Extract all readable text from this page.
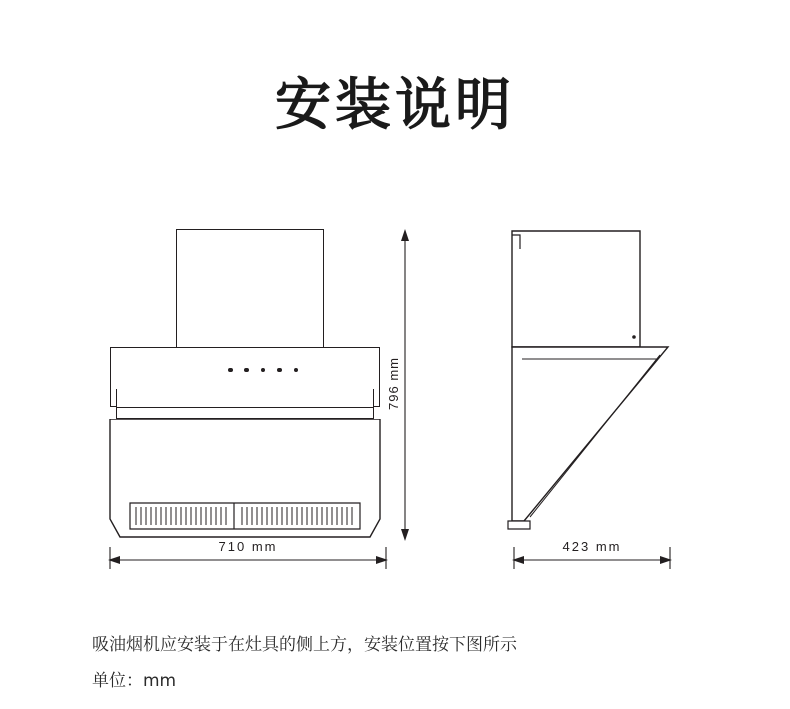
安装说明
796 mm
710 mm	423 mm
吸油烟机应安装于在灶具的侧上方，安装位置按下图所示
单位：mm
